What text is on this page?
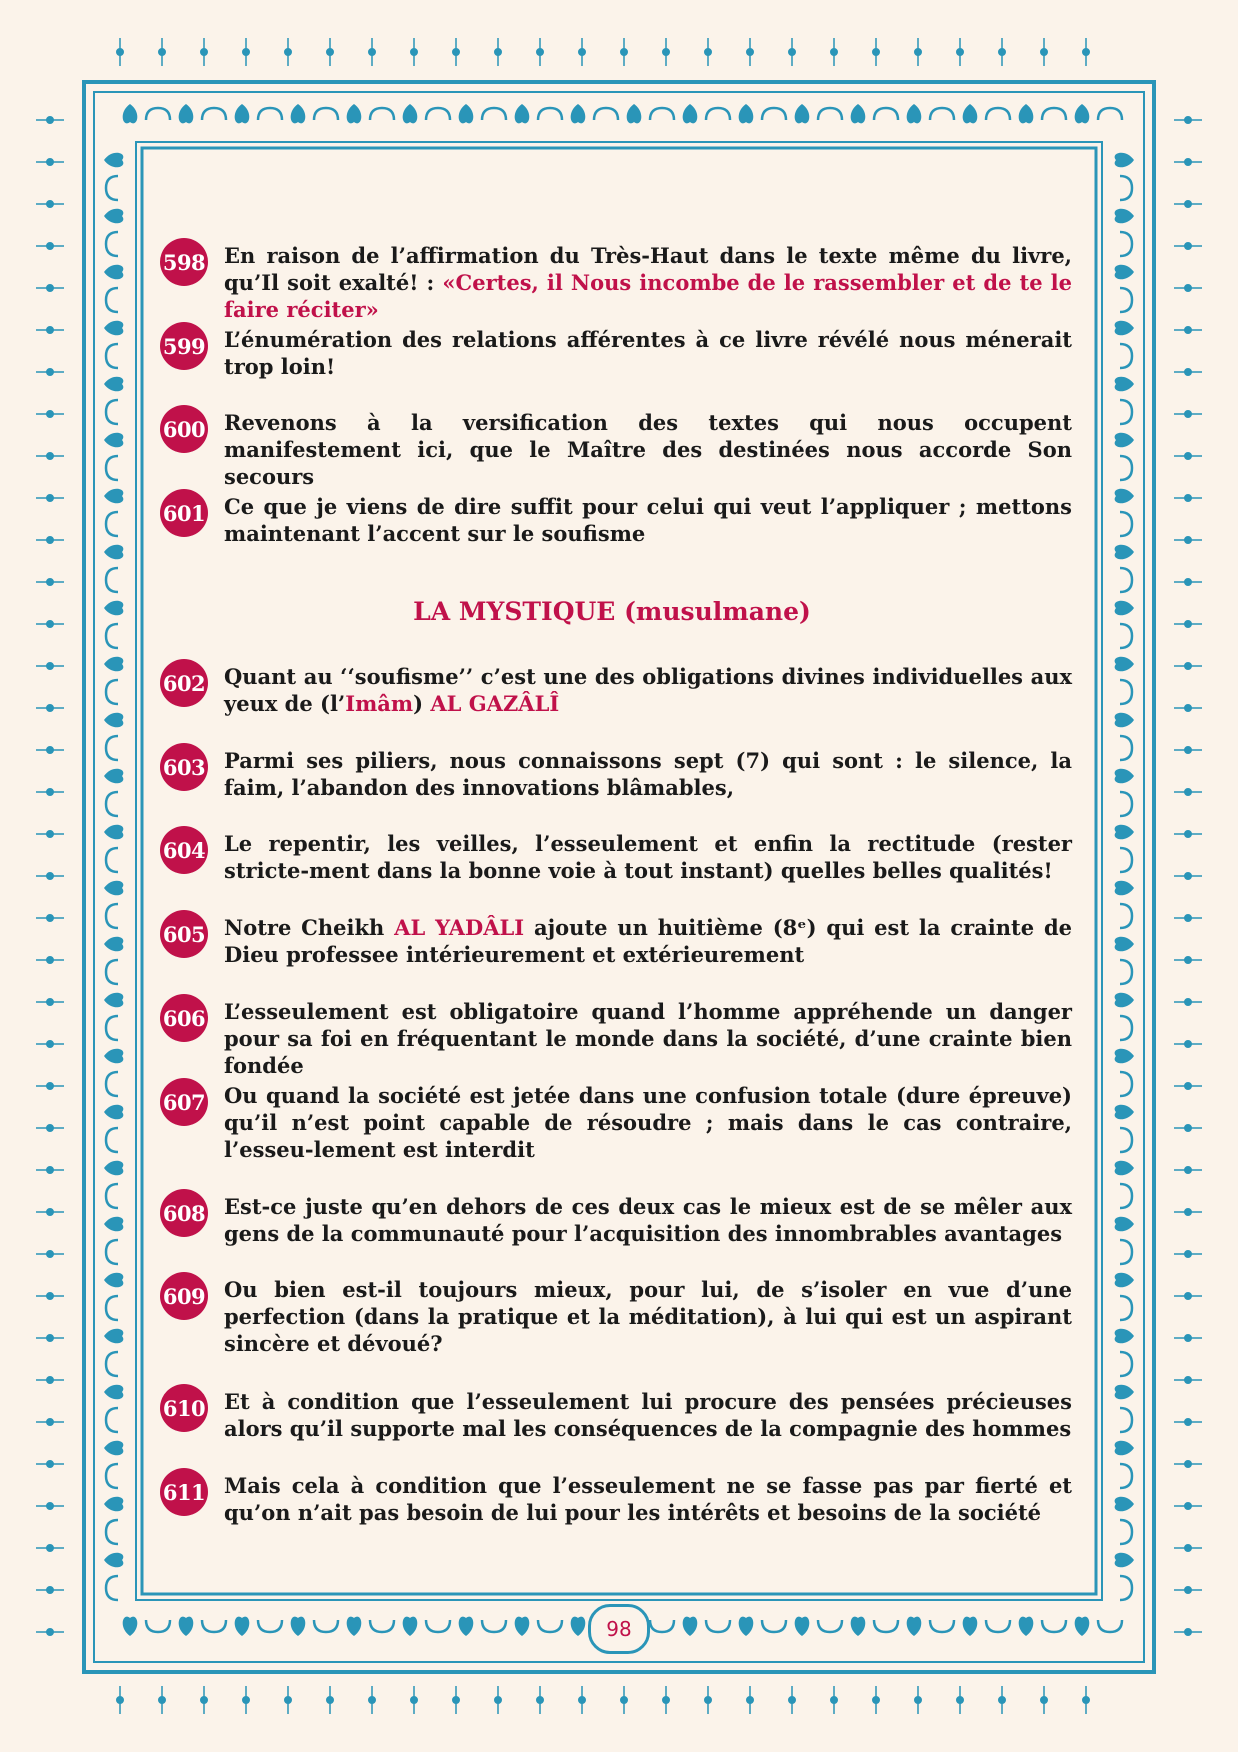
598 En raison de l’affirmation du Très-Haut dans le texte même du livre, qu’Il soit exalté! : «Certes, il Nous incombe de le rassembler et de te le faire réciter»
599 L’énumération des relations afférentes à ce livre révélé nous ménerait trop loin!
600 Revenons à la versification des textes qui nous occupent manifestement ici, que le Maître des destinées nous accorde Son secours
601 Ce que je viens de dire suffit pour celui qui veut l’appliquer ; mettons maintenant l’accent sur le soufisme
602 Quant au ‘‘soufisme’’ c’est une des obligations divines individuelles aux yeux de (l’Imâm) AL GAZÂLÎ
603 Parmi ses piliers, nous connaissons sept (7) qui sont : le silence, la faim, l’abandon des innovations blâmables,
604 Le repentir, les veilles, l’esseulement et enfin la rectitude (rester stricte-ment dans la bonne voie à tout instant) quelles belles qualités!
605 Notre Cheikh AL YADÂLI ajoute un huitième (8ᵉ) qui est la crainte de Dieu professee intérieurement et extérieurement
606 L’esseulement est obligatoire quand l’homme appréhende un danger pour sa foi en fréquentant le monde dans la société, d’une crainte bien fondée
607 Ou quand la société est jetée dans une confusion totale (dure épreuve) qu’il n’est point capable de résoudre ; mais dans le cas contraire, l’esseu-lement est interdit
608 Est-ce juste qu’en dehors de ces deux cas le mieux est de se mêler aux gens de la communauté pour l’acquisition des innombrables avantages
609 Ou bien est-il toujours mieux, pour lui, de s’isoler en vue d’une perfection (dans la pratique et la méditation), à lui qui est un aspirant sincère et dévoué?
610 Et à condition que l’esseulement lui procure des pensées précieuses alors qu’il supporte mal les conséquences de la compagnie des hommes
611 Mais cela à condition que l’esseulement ne se fasse pas par fierté et qu’on n’ait pas besoin de lui pour les intérêts et besoins de la société
LA MYSTIQUE (musulmane)
98
